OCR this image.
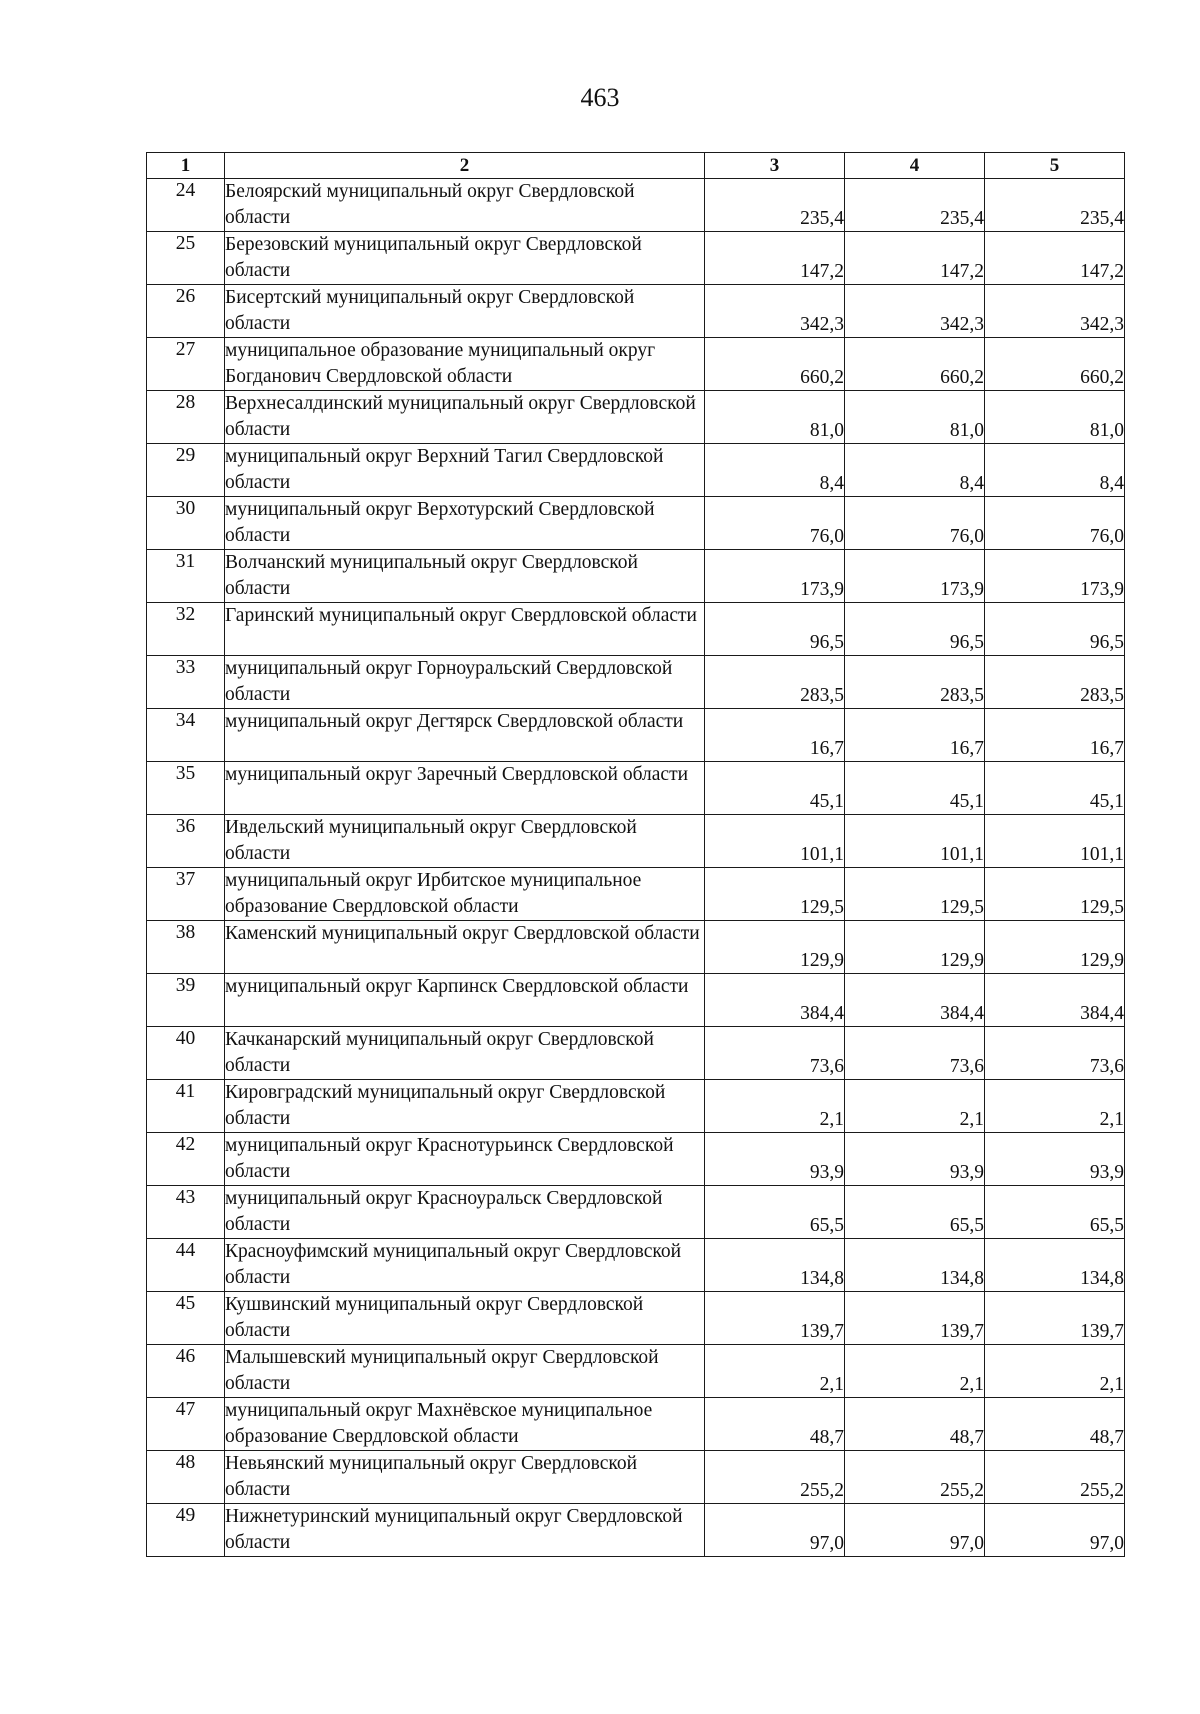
463
1	2	3	4	5
24	Белоярский муниципальный округ Свердловской области	235,4	235,4	235,4
25	Березовский муниципальный округ Свердловской области	147,2	147,2	147,2
26	Бисертский муниципальный округ Свердловской области	342,3	342,3	342,3
27	муниципальное образование муниципальный округ Богданович Свердловской области	660,2	660,2	660,2
28	Верхнесалдинский муниципальный округ Свердловской области	81,0	81,0	81,0
29	муниципальный округ Верхний Тагил Свердловской области	8,4	8,4	8,4
30	муниципальный округ Верхотурский Свердловской области	76,0	76,0	76,0
31	Волчанский муниципальный округ Свердловской области	173,9	173,9	173,9
32	Гаринский муниципальный округ Свердловской области	96,5	96,5	96,5
33	муниципальный округ Горноуральский Свердловской области	283,5	283,5	283,5
34	муниципальный округ Дегтярск Свердловской области	16,7	16,7	16,7
35	муниципальный округ Заречный Свердловской области	45,1	45,1	45,1
36	Ивдельский муниципальный округ Свердловской области	101,1	101,1	101,1
37	муниципальный округ Ирбитское муниципальное образование Свердловской области	129,5	129,5	129,5
38	Каменский муниципальный округ Свердловской области	129,9	129,9	129,9
39	муниципальный округ Карпинск Свердловской области	384,4	384,4	384,4
40	Качканарский муниципальный округ Свердловской области	73,6	73,6	73,6
41	Кировградский муниципальный округ Свердловской области	2,1	2,1	2,1
42	муниципальный округ Краснотурьинск Свердловской области	93,9	93,9	93,9
43	муниципальный округ Красноуральск Свердловской области	65,5	65,5	65,5
44	Красноуфимский муниципальный округ Свердловской области	134,8	134,8	134,8
45	Кушвинский муниципальный округ Свердловской области	139,7	139,7	139,7
46	Малышевский муниципальный округ Свердловской области	2,1	2,1	2,1
47	муниципальный округ Махнёвское муниципальное образование Свердловской области	48,7	48,7	48,7
48	Невьянский муниципальный округ Свердловской области	255,2	255,2	255,2
49	Нижнетуринский муниципальный округ Свердловской области	97,0	97,0	97,0
